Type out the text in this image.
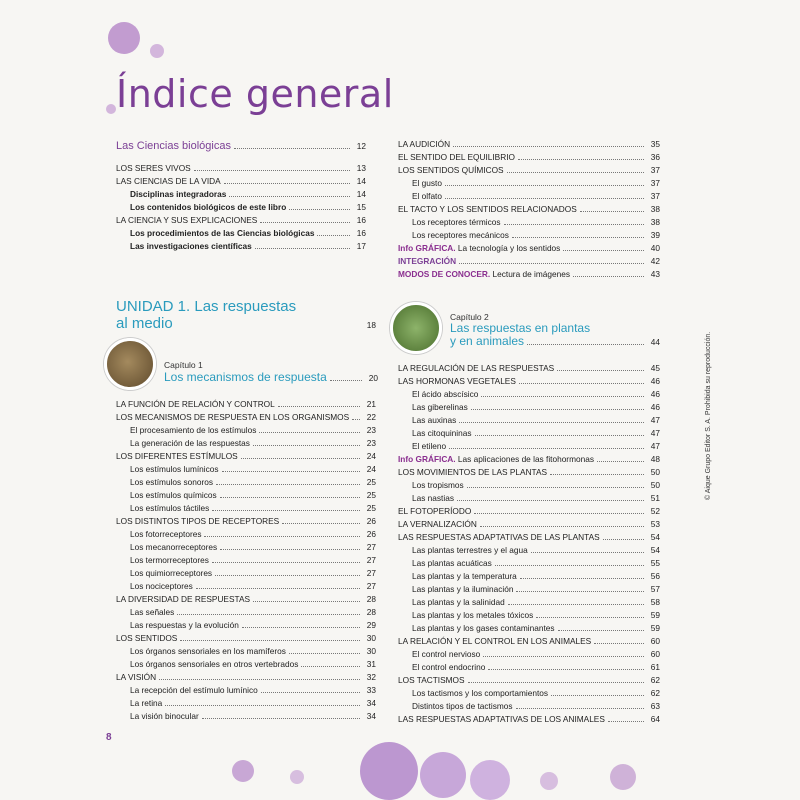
Índice general
Las Ciencias biológicas	12
LOS SERES VIVOS	13
LAS CIENCIAS DE LA VIDA	14
Disciplinas integradoras	14
Los contenidos biológicos de este libro	15
LA CIENCIA Y SUS EXPLICACIONES	16
Los procedimientos de las Ciencias biológicas	16
Las investigaciones científicas	17
UNIDAD 1. Las respuestas
al medio	18
Capítulo 1
Los mecanismos de respuesta	20
LA FUNCIÓN DE RELACIÓN Y CONTROL	21
LOS MECANISMOS DE RESPUESTA EN LOS ORGANISMOS	22
El procesamiento de los estímulos	23
La generación de las respuestas	23
LOS DIFERENTES ESTÍMULOS	24
Los estímulos lumínicos	24
Los estímulos sonoros	25
Los estímulos químicos	25
Los estímulos táctiles	25
LOS DISTINTOS TIPOS DE RECEPTORES	26
Los fotorreceptores	26
Los mecanorreceptores	27
Los termorreceptores	27
Los quimiorreceptores	27
Los nociceptores	27
LA DIVERSIDAD DE RESPUESTAS	28
Las señales	28
Las respuestas y la evolución	29
LOS SENTIDOS	30
Los órganos sensoriales en los mamíferos	30
Los órganos sensoriales en otros vertebrados	31
LA VISIÓN	32
La recepción del estímulo lumínico	33
La retina	34
La visión binocular	34
LA AUDICIÓN	35
EL SENTIDO DEL EQUILIBRIO	36
LOS SENTIDOS QUÍMICOS	37
El gusto	37
El olfato	37
EL TACTO Y LOS SENTIDOS RELACIONADOS	38
Los receptores térmicos	38
Los receptores mecánicos	39
Info GRÁFICA. La tecnología y los sentidos	40
INTEGRACIÓN	42
MODOS DE CONOCER. Lectura de imágenes	43
Capítulo 2
Las respuestas en plantas
y en animales	44
LA REGULACIÓN DE LAS RESPUESTAS	45
LAS HORMONAS VEGETALES	46
El ácido abscísico	46
Las giberelinas	46
Las auxinas	47
Las citoquininas	47
El etileno	47
Info GRÁFICA. Las aplicaciones de las fitohormonas	48
LOS MOVIMIENTOS DE LAS PLANTAS	50
Los tropismos	50
Las nastias	51
EL FOTOPERÍODO	52
LA VERNALIZACIÓN	53
LAS RESPUESTAS ADAPTATIVAS DE LAS PLANTAS	54
Las plantas terrestres y el agua	54
Las plantas acuáticas	55
Las plantas y la temperatura	56
Las plantas y la iluminación	57
Las plantas y la salinidad	58
Las plantas y los metales tóxicos	59
Las plantas y los gases contaminantes	59
LA RELACIÓN Y EL CONTROL EN LOS ANIMALES	60
El control nervioso	60
El control endocrino	61
LOS TACTISMOS	62
Los tactismos y los comportamientos	62
Distintos tipos de tactismos	63
LAS RESPUESTAS ADAPTATIVAS DE LOS ANIMALES	64
© Aique Grupo Editor S. A. Prohibida su reproducción.
8
